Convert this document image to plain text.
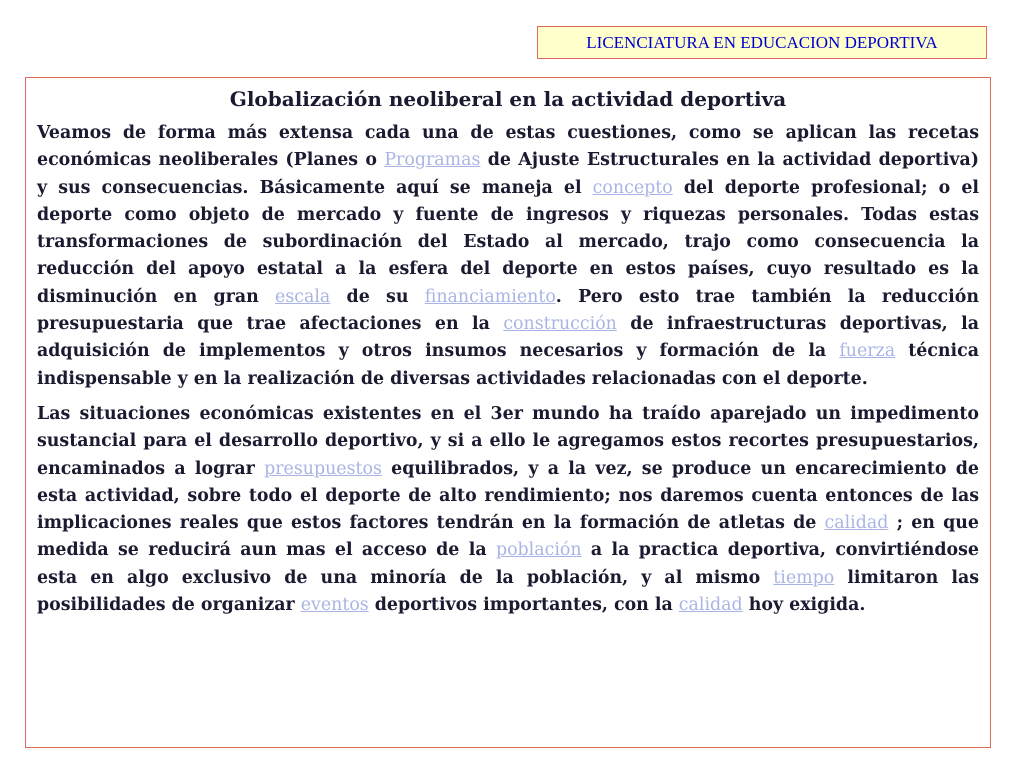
LICENCIATURA EN EDUCACION DEPORTIVA
Globalización neoliberal en la actividad deportiva

Veamos de forma más extensa cada una de estas cuestiones, como se aplican las recetas económicas neoliberales (Planes o Programas de Ajuste Estructurales en la actividad deportiva) y sus consecuencias. Básicamente aquí se maneja el concepto del deporte profesional; o el deporte como objeto de mercado y fuente de ingresos y riquezas personales. Todas estas transformaciones de subordinación del Estado al mercado, trajo como consecuencia la reducción del apoyo estatal a la esfera del deporte en estos países, cuyo resultado es la disminución en gran escala de su financiamiento. Pero esto trae también la reducción presupuestaria que trae afectaciones en la construcción de infraestructuras deportivas, la adquisición de implementos y otros insumos necesarios y formación de la fuerza técnica indispensable y en la realización de diversas actividades relacionadas con el deporte.

Las situaciones económicas existentes en el 3er mundo ha traído aparejado un impedimento sustancial para el desarrollo deportivo, y si a ello le agregamos estos recortes presupuestarios, encaminados a lograr presupuestos equilibrados, y a la vez, se produce un encarecimiento de esta actividad, sobre todo el deporte de alto rendimiento; nos daremos cuenta entonces de las implicaciones reales que estos factores tendrán en la formación de atletas de calidad ; en que medida se reducirá aun mas el acceso de la población a la practica deportiva, convirtiéndose esta en algo exclusivo de una minoría de la población, y al mismo tiempo limitaron las posibilidades de organizar eventos deportivos importantes, con la calidad hoy exigida.
